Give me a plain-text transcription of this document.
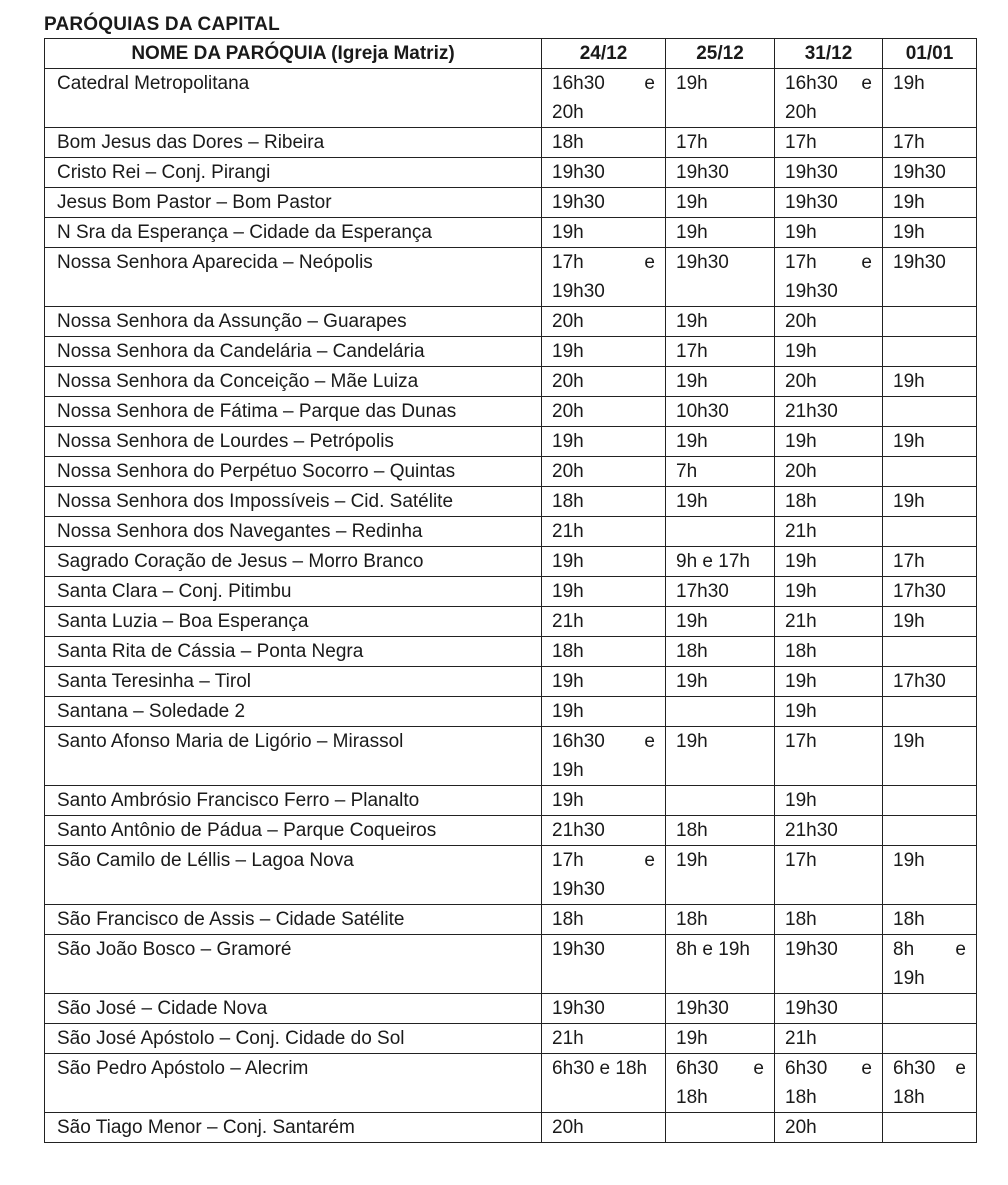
PARÓQUIAS DA CAPITAL
NOME DA PARÓQUIA (Igreja Matriz)	24/12	25/12	31/12	01/01
Catedral Metropolitana	16h30 e 20h	19h	16h30 e 20h	19h
Bom Jesus das Dores – Ribeira	18h	17h	17h	17h
Cristo Rei – Conj. Pirangi	19h30	19h30	19h30	19h30
Jesus Bom Pastor – Bom Pastor	19h30	19h	19h30	19h
N Sra da Esperança – Cidade da Esperança	19h	19h	19h	19h
Nossa Senhora Aparecida – Neópolis	17h e 19h30	19h30	17h e 19h30	19h30
Nossa Senhora da Assunção – Guarapes	20h	19h	20h	
Nossa Senhora da Candelária – Candelária	19h	17h	19h	
Nossa Senhora da Conceição – Mãe Luiza	20h	19h	20h	19h
Nossa Senhora de Fátima – Parque das Dunas	20h	10h30	21h30	
Nossa Senhora de Lourdes – Petrópolis	19h	19h	19h	19h
Nossa Senhora do Perpétuo Socorro – Quintas	20h	7h	20h	
Nossa Senhora dos Impossíveis – Cid. Satélite	18h	19h	18h	19h
Nossa Senhora dos Navegantes – Redinha	21h		21h	
Sagrado Coração de Jesus – Morro Branco	19h	9h e 17h	19h	17h
Santa Clara – Conj. Pitimbu	19h	17h30	19h	17h30
Santa Luzia – Boa Esperança	21h	19h	21h	19h
Santa Rita de Cássia – Ponta Negra	18h	18h	18h	
Santa Teresinha – Tirol	19h	19h	19h	17h30
Santana – Soledade 2	19h		19h	
Santo Afonso Maria de Ligório – Mirassol	16h30 e 19h	19h	17h	19h
Santo Ambrósio Francisco Ferro – Planalto	19h		19h	
Santo Antônio de Pádua – Parque Coqueiros	21h30	18h	21h30	
São Camilo de Léllis – Lagoa Nova	17h e 19h30	19h	17h	19h
São Francisco de Assis – Cidade Satélite	18h	18h	18h	18h
São João Bosco – Gramoré	19h30	8h e 19h	19h30	8h e 19h
São José – Cidade Nova	19h30	19h30	19h30	
São José Apóstolo – Conj. Cidade do Sol	21h	19h	21h	
São Pedro Apóstolo – Alecrim	6h30 e 18h	6h30 e 18h	6h30 e 18h	6h30 e 18h
São Tiago Menor – Conj. Santarém	20h		20h	
